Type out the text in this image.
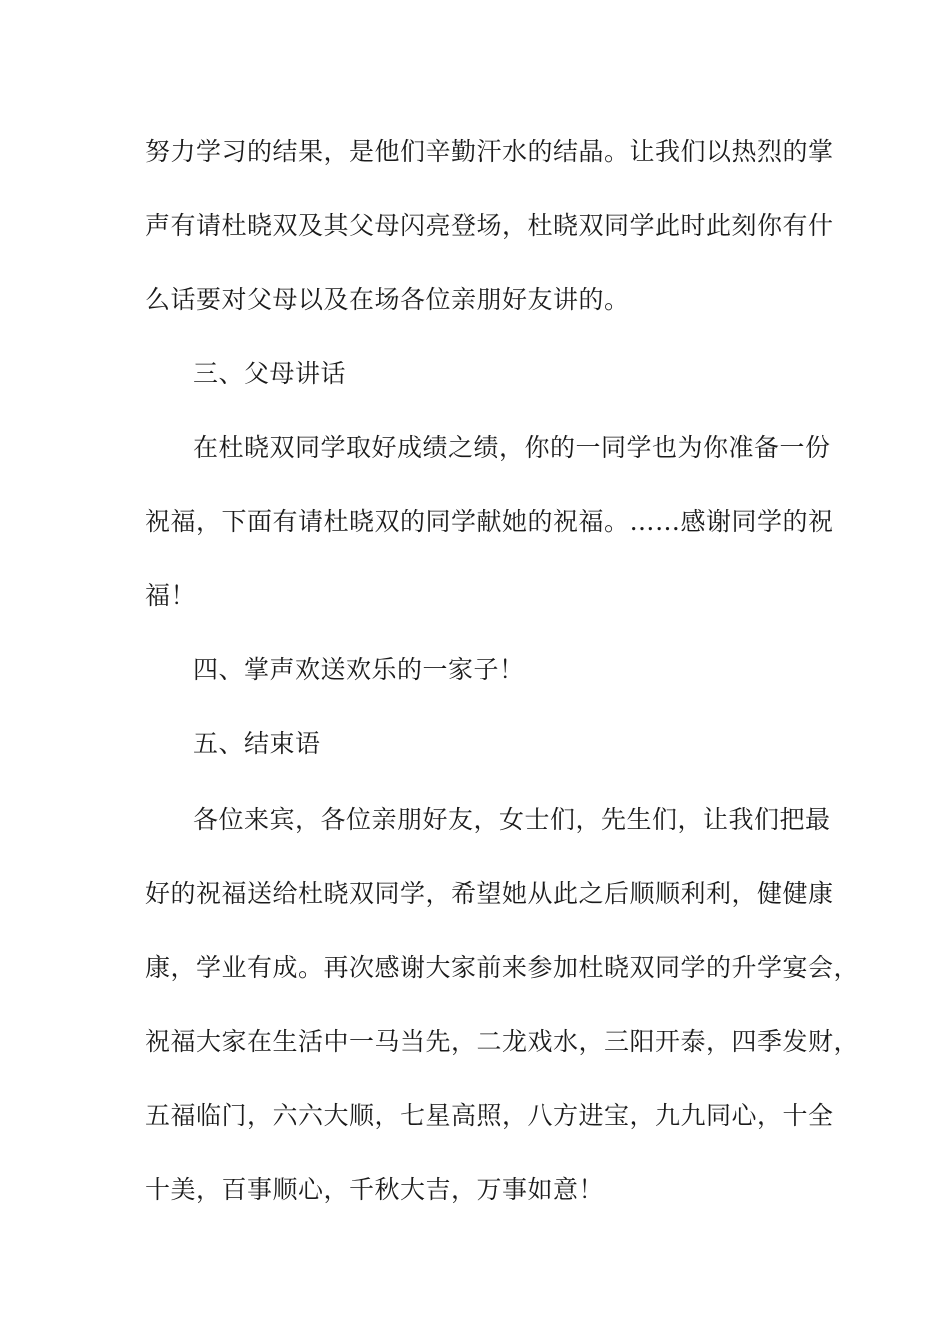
努力学习的结果，是他们辛勤汗水的结晶。让我们以热烈的掌
声有请杜晓双及其父母闪亮登场，杜晓双同学此时此刻你有什
么话要对父母以及在场各位亲朋好友讲的。
三、父母讲话
在杜晓双同学取好成绩之绩，你的一同学也为你准备一份
祝福，下面有请杜晓双的同学献她的祝福。……感谢同学的祝
福！
四、掌声欢送欢乐的一家子！
五、结束语
各位来宾，各位亲朋好友，女士们，先生们，让我们把最
好的祝福送给杜晓双同学，希望她从此之后顺顺利利，健健康
康，学业有成。再次感谢大家前来参加杜晓双同学的升学宴会，
祝福大家在生活中一马当先，二龙戏水，三阳开泰，四季发财，
五福临门，六六大顺，七星高照，八方进宝，九九同心，十全
十美，百事顺心，千秋大吉，万事如意！
